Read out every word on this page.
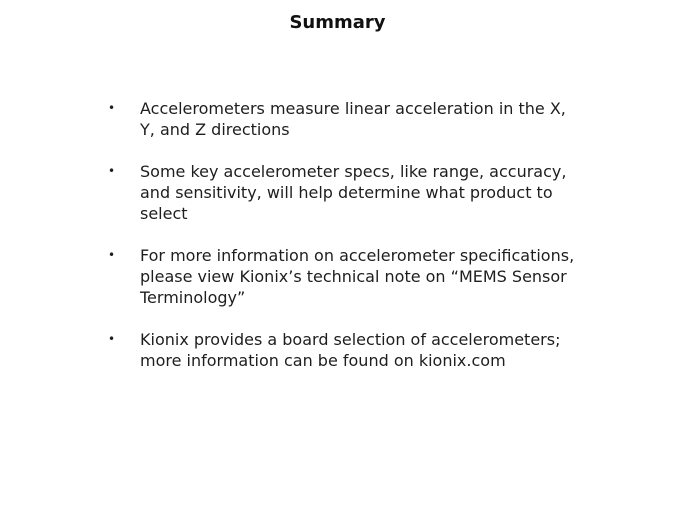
Summary
•	Accelerometers measure linear acceleration in the X, Y, and Z directions
•	Some key accelerometer specs, like range, accuracy, and sensitivity, will help determine what product to select
•	For more information on accelerometer specifications, please view Kionix’s technical note on “MEMS Sensor Terminology”
•	Kionix provides a board selection of accelerometers; more information can be found on kionix.com
